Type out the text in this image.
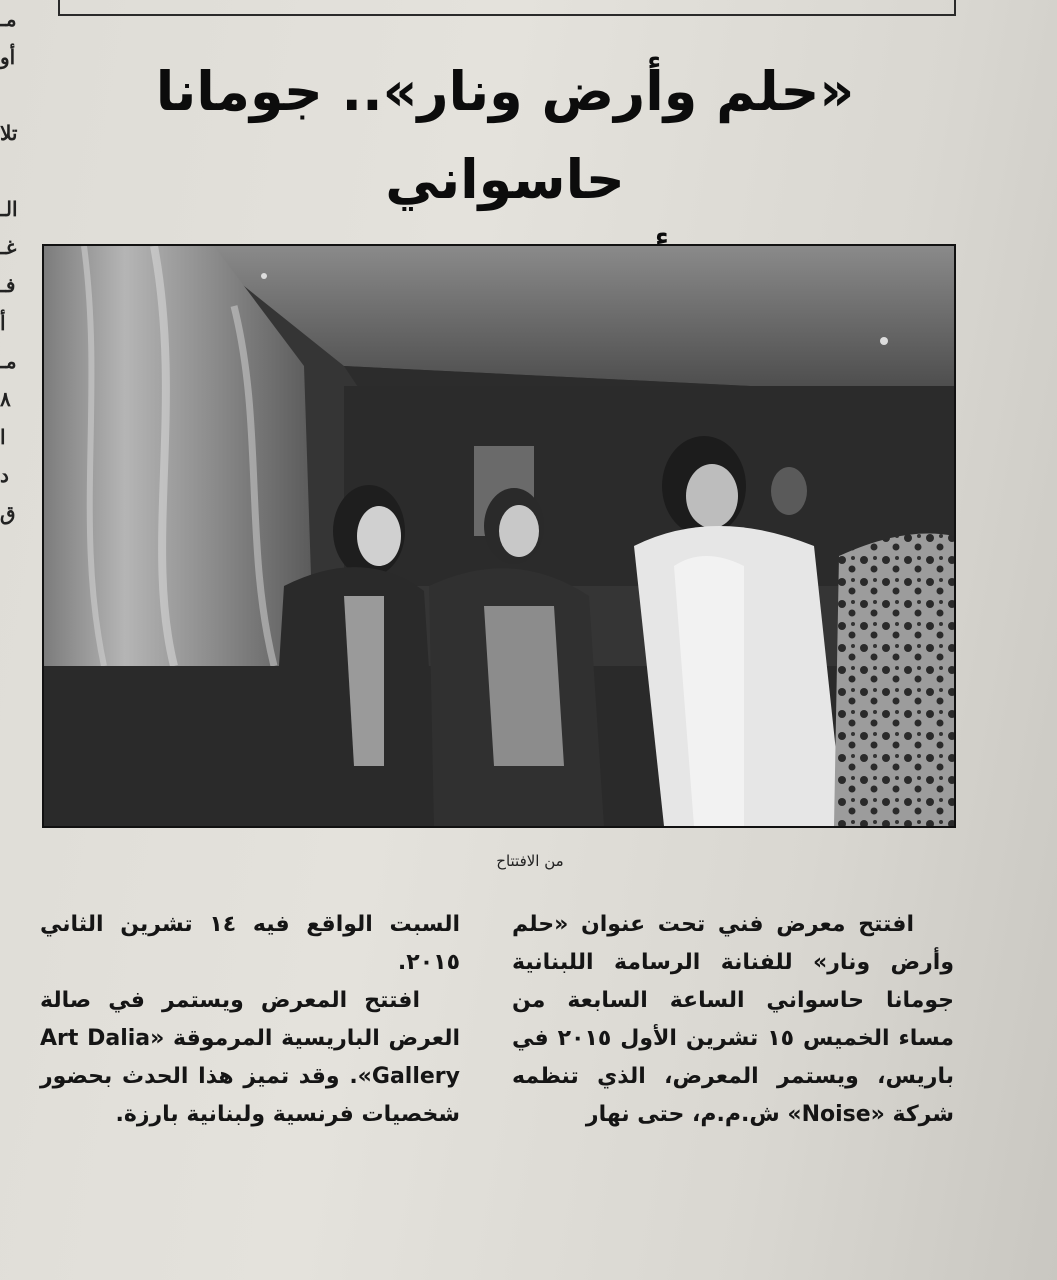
مـ
أو

تلا

الـ
غـ
فـ
أ
مـ
٨
ا
د
ق
«حلم وأرض ونار».. جومانا حاسواني
من الافتتاح

افتتح معرض فني تحت عنوان «حلم وأرض ونار» للفنانة الرسامة اللبنانية جومانا حاسواني الساعة السابعة من مساء الخميس ١٥ تشرين الأول ٢٠١٥ في باريس، ويستمر المعرض، الذي تنظمه شركة «Noise» ش.م.م، حتى نهار

السبت الواقع فيه ١٤ تشرين الثاني ٢٠١٥.

افتتح المعرض ويستمر في صالة العرض الباريسية المرموقة «Art Dalia Gallery». وقد تميز هذا الحدث بحضور شخصيات فرنسية ولبنانية بارزة.
